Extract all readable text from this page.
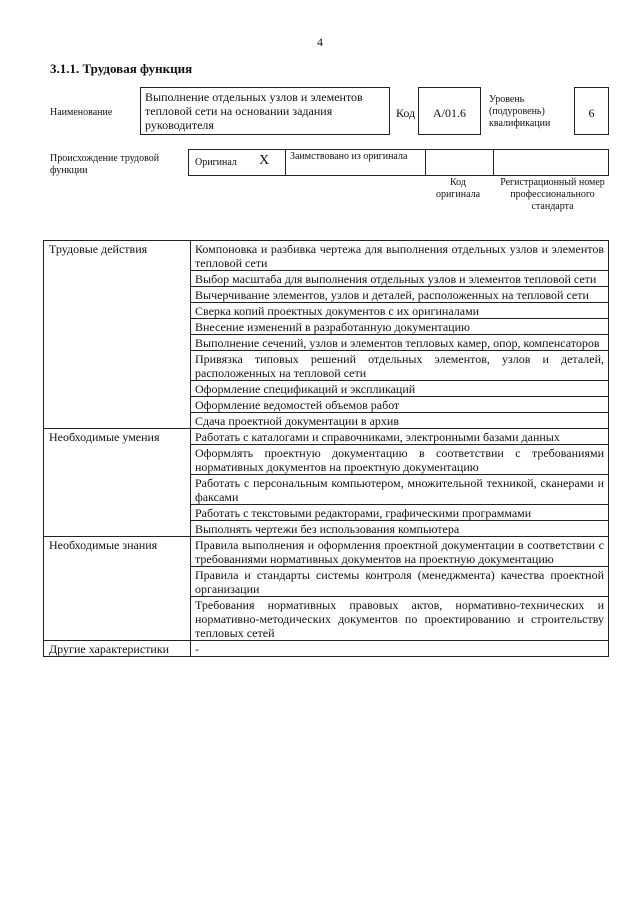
4
3.1.1. Трудовая функция
Наименование
Выполнение отдельных узлов и элементов тепловой сети на основании задания руководителя
Код	A/01.6
Уровень (подуровень) квалификации
6
Происхождение трудовой функции
Оригинал X Заимствовано из оригинала
Код оригинала
Регистрационный номер профессионального стандарта
Трудовые действия	Компоновка и разбивка чертежа для выполнения отдельных узлов и элементов тепловой сети
	Выбор масштаба для выполнения отдельных узлов и элементов тепловой сети
	Вычерчивание элементов, узлов и деталей, расположенных на тепловой сети
	Сверка копий проектных документов с их оригиналами
	Внесение изменений в разработанную документацию
	Выполнение сечений, узлов и элементов тепловых камер, опор, компенсаторов
	Привязка типовых решений отдельных элементов, узлов и деталей, расположенных на тепловой сети
	Оформление спецификаций и экспликаций
	Оформление ведомостей объемов работ
	Сдача проектной документации в архив
Необходимые умения	Работать с каталогами и справочниками, электронными базами данных
	Оформлять проектную документацию в соответствии с требованиями нормативных документов на проектную документацию
	Работать с персональным компьютером, множительной техникой, сканерами и факсами
	Работать с текстовыми редакторами, графическими программами
	Выполнять чертежи без использования компьютера
Необходимые знания	Правила выполнения и оформления проектной документации в соответствии с требованиями нормативных документов на проектную документацию
	Правила и стандарты системы контроля (менеджмента) качества проектной организации
	Требования нормативных правовых актов, нормативно-технических и нормативно-методических документов по проектированию и строительству тепловых сетей
Другие характеристики	-
